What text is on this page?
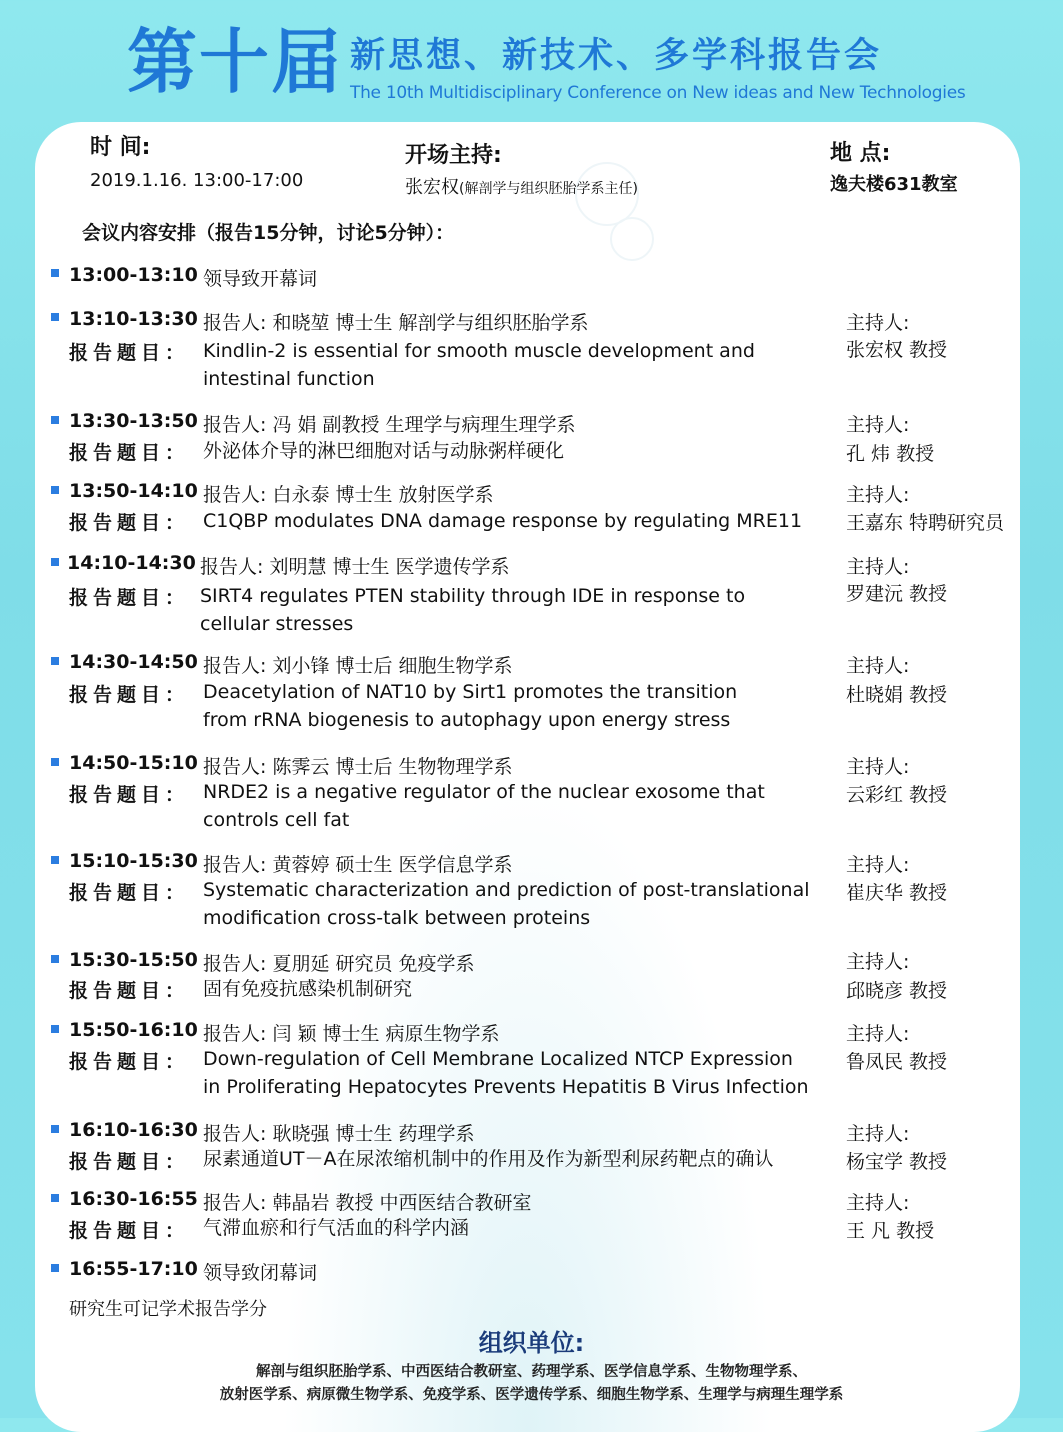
第十届 新思想、新技术、多学科报告会
The 10th Multidisciplinary Conference on New ideas and New Technologies
时 间:
2019.1.16. 13:00-17:00
开场主持:
张宏权(解剖学与组织胚胎学系主任)
地 点:
逸夫楼631教室
会议内容安排（报告15分钟，讨论5分钟）：
13:00-13:10 领导致开幕词
13:10-13:30 报告人: 和晓堃 博士生 解剖学与组织胚胎学系
报告题目： Kindlin-2 is essential for smooth muscle development and
intestinal function
主持人:
张宏权 教授
13:30-13:50 报告人: 冯 娟 副教授 生理学与病理生理学系
报告题目： 外泌体介导的淋巴细胞对话与动脉粥样硬化
主持人:
孔 炜 教授
13:50-14:10 报告人: 白永泰 博士生 放射医学系
报告题目： C1QBP modulates DNA damage response by regulating MRE11
主持人:
王嘉东 特聘研究员
14:10-14:30 报告人: 刘明慧 博士生 医学遗传学系
报告题目： SIRT4 regulates PTEN stability through IDE in response to
cellular stresses
主持人:
罗建沅 教授
14:30-14:50 报告人: 刘小锋 博士后 细胞生物学系
报告题目： Deacetylation of NAT10 by Sirt1 promotes the transition
from rRNA biogenesis to autophagy upon energy stress
主持人:
杜晓娟 教授
14:50-15:10 报告人: 陈霁云 博士后 生物物理学系
报告题目： NRDE2 is a negative regulator of the nuclear exosome that
controls cell fat
主持人:
云彩红 教授
15:10-15:30 报告人: 黄蓉婷 硕士生 医学信息学系
报告题目： Systematic characterization and prediction of post-translational
modification cross-talk between proteins
主持人:
崔庆华 教授
15:30-15:50 报告人: 夏朋延 研究员 免疫学系
报告题目： 固有免疫抗感染机制研究
主持人:
邱晓彦 教授
15:50-16:10 报告人: 闫 颖 博士生 病原生物学系
报告题目： Down-regulation of Cell Membrane Localized NTCP Expression
in Proliferating Hepatocytes Prevents Hepatitis B Virus Infection
主持人:
鲁凤民 教授
16:10-16:30 报告人: 耿晓强 博士生 药理学系
报告题目： 尿素通道UT－A在尿浓缩机制中的作用及作为新型利尿药靶点的确认
主持人:
杨宝学 教授
16:30-16:55 报告人: 韩晶岩 教授 中西医结合教研室
报告题目： 气滞血瘀和行气活血的科学内涵
主持人:
王 凡 教授
16:55-17:10 领导致闭幕词
研究生可记学术报告学分
组织单位:
解剖与组织胚胎学系、中西医结合教研室、药理学系、医学信息学系、生物物理学系、
放射医学系、病原微生物学系、免疫学系、医学遗传学系、细胞生物学系、生理学与病理生理学系
